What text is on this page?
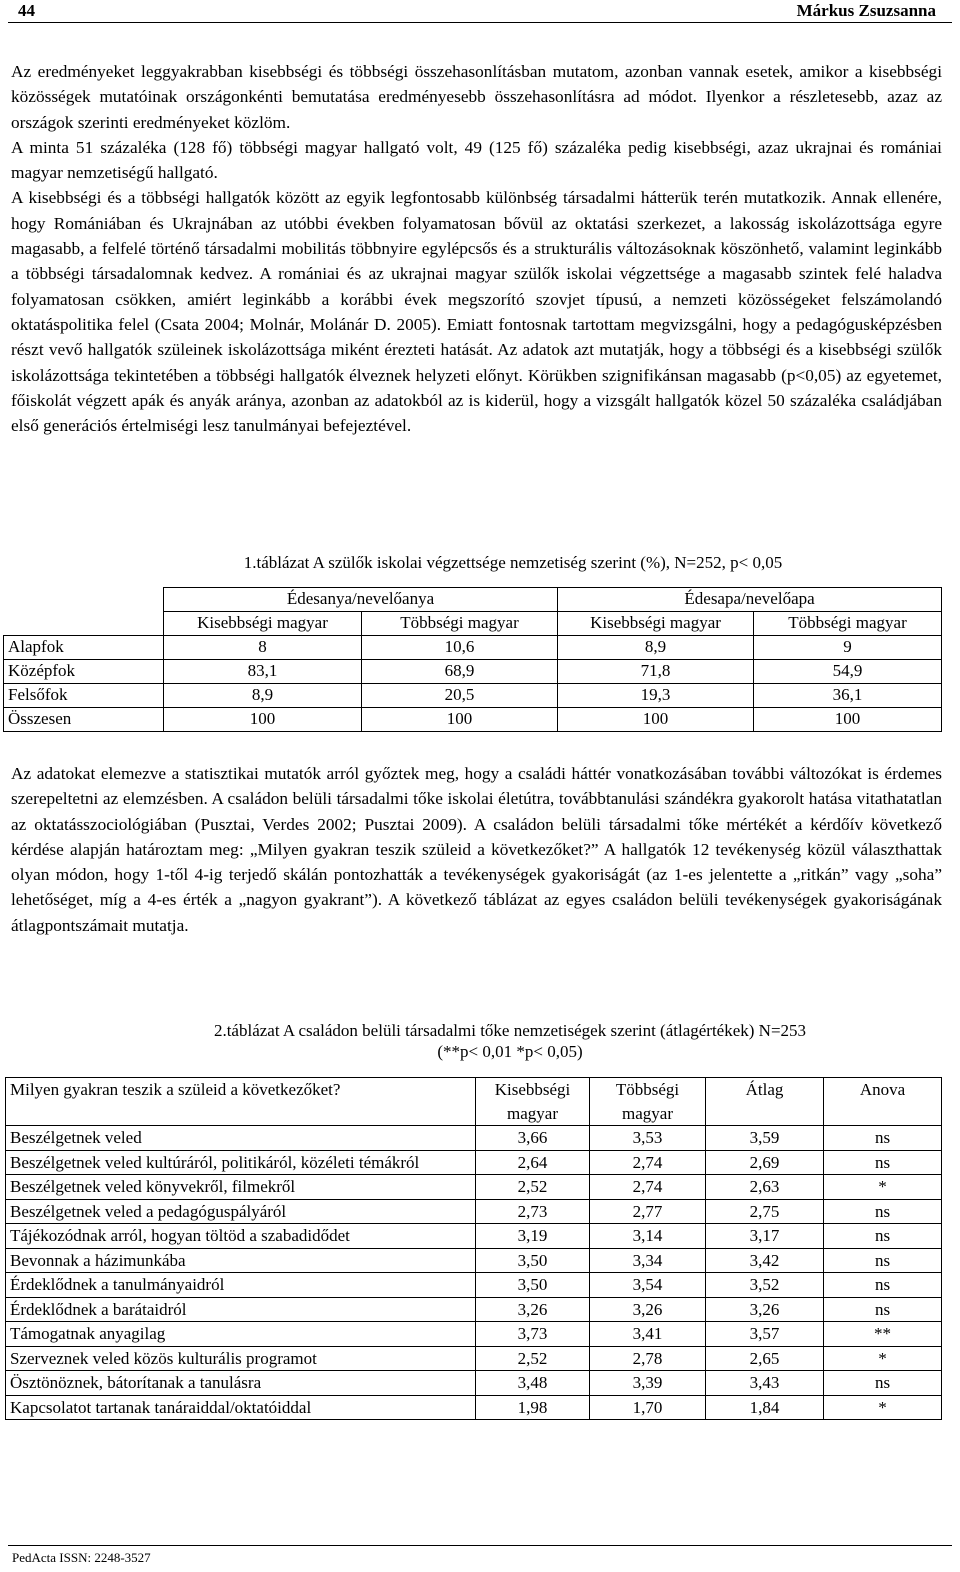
44	Márkus Zsuzsanna

Az eredményeket leggyakrabban kisebbségi és többségi összehasonlításban mutatom, azonban vannak esetek, amikor a kisebbségi közösségek mutatóinak országonkénti bemutatása eredményesebb összehasonlításra ad módot. Ilyenkor a részletesebb, azaz az országok szerinti eredményeket közlöm.

A minta 51 százaléka (128 fő) többségi magyar hallgató volt, 49 (125 fő) százaléka pedig kisebbségi, azaz ukrajnai és romániai magyar nemzetiségű hallgató.

A kisebbségi és a többségi hallgatók között az egyik legfontosabb különbség társadalmi hátterük terén mutatkozik. Annak ellenére, hogy Romániában és Ukrajnában az utóbbi években folyamatosan bővül az oktatási szerkezet, a lakosság iskolázottsága egyre magasabb, a felfelé történő társadalmi mobilitás többnyire egylépcsős és a strukturális változásoknak köszönhető, valamint leginkább a többségi társadalomnak kedvez. A romániai és az ukrajnai magyar szülők iskolai végzettsége a magasabb szintek felé haladva folyamatosan csökken, amiért leginkább a korábbi évek megszorító szovjet típusú, a nemzeti közösségeket felszámolandó oktatáspolitika felel (Csata 2004; Molnár, Molánár D. 2005). Emiatt fontosnak tartottam megvizsgálni, hogy a pedagógusképzésben részt vevő hallgatók szüleinek iskolázottsága miként érezteti hatását. Az adatok azt mutatják, hogy a többségi és a kisebbségi szülők iskolázottsága tekintetében a többségi hallgatók élveznek helyzeti előnyt. Körükben szignifikánsan magasabb (p<0,05) az egyetemet, főiskolát végzett apák és anyák aránya, azonban az adatokból az is kiderül, hogy a vizsgált hallgatók közel 50 százaléka családjában első generációs értelmiségi lesz tanulmányai befejeztével.

1.táblázat A szülők iskolai végzettsége nemzetiség szerint (%), N=252, p< 0,05
	Édesanya/nevelőanya		Édesapa/nevelőapa	
	Kisebbségi magyar	Többségi magyar	Kisebbségi magyar	Többségi magyar
Alapfok	8	10,6	8,9	9
Középfok	83,1	68,9	71,8	54,9
Felsőfok	8,9	20,5	19,3	36,1
Összesen	100	100	100	100

Az adatokat elemezve a statisztikai mutatók arról győztek meg, hogy a családi háttér vonatkozásában további változókat is érdemes szerepeltetni az elemzésben. A családon belüli társadalmi tőke iskolai életútra, továbbtanulási szándékra gyakorolt hatása vitathatatlan az oktatásszociológiában (Pusztai, Verdes 2002; Pusztai 2009). A családon belüli társadalmi tőke mértékét a kérdőív következő kérdése alapján határoztam meg: „Milyen gyakran teszik szüleid a következőket?” A hallgatók 12 tevékenység közül választhattak olyan módon, hogy 1-től 4-ig terjedő skálán pontozhatták a tevékenységek gyakoriságát (az 1-es jelentette a „ritkán” vagy „soha” lehetőséget, míg a 4-es érték a „nagyon gyakrant”). A következő táblázat az egyes családon belüli tevékenységek gyakoriságának átlagpontszámait mutatja.

2.táblázat A családon belüli társadalmi tőke nemzetiségek szerint (átlagértékek) N=253
(**p< 0,01 *p< 0,05)
Milyen gyakran teszik a szüleid a következőket?	Kisebbségi magyar	Többségi magyar	Átlag	Anova
Beszélgetnek veled	3,66	3,53	3,59	ns
Beszélgetnek veled kultúráról, politikáról, közéleti témákról	2,64	2,74	2,69	ns
Beszélgetnek veled könyvekről, filmekről	2,52	2,74	2,63	*
Beszélgetnek veled a pedagóguspályáról	2,73	2,77	2,75	ns
Tájékozódnak arról, hogyan töltöd a szabadidődet	3,19	3,14	3,17	ns
Bevonnak a házimunkába	3,50	3,34	3,42	ns
Érdeklődnek a tanulmányaidról	3,50	3,54	3,52	ns
Érdeklődnek a barátaidról	3,26	3,26	3,26	ns
Támogatnak anyagilag	3,73	3,41	3,57	**
Szerveznek veled közös kulturális programot	2,52	2,78	2,65	*
Ösztönöznek, bátorítanak a tanulásra	3,48	3,39	3,43	ns
Kapcsolatot tartanak tanáraiddal/oktatóiddal	1,98	1,70	1,84	*
PedActa ISSN: 2248-3527
